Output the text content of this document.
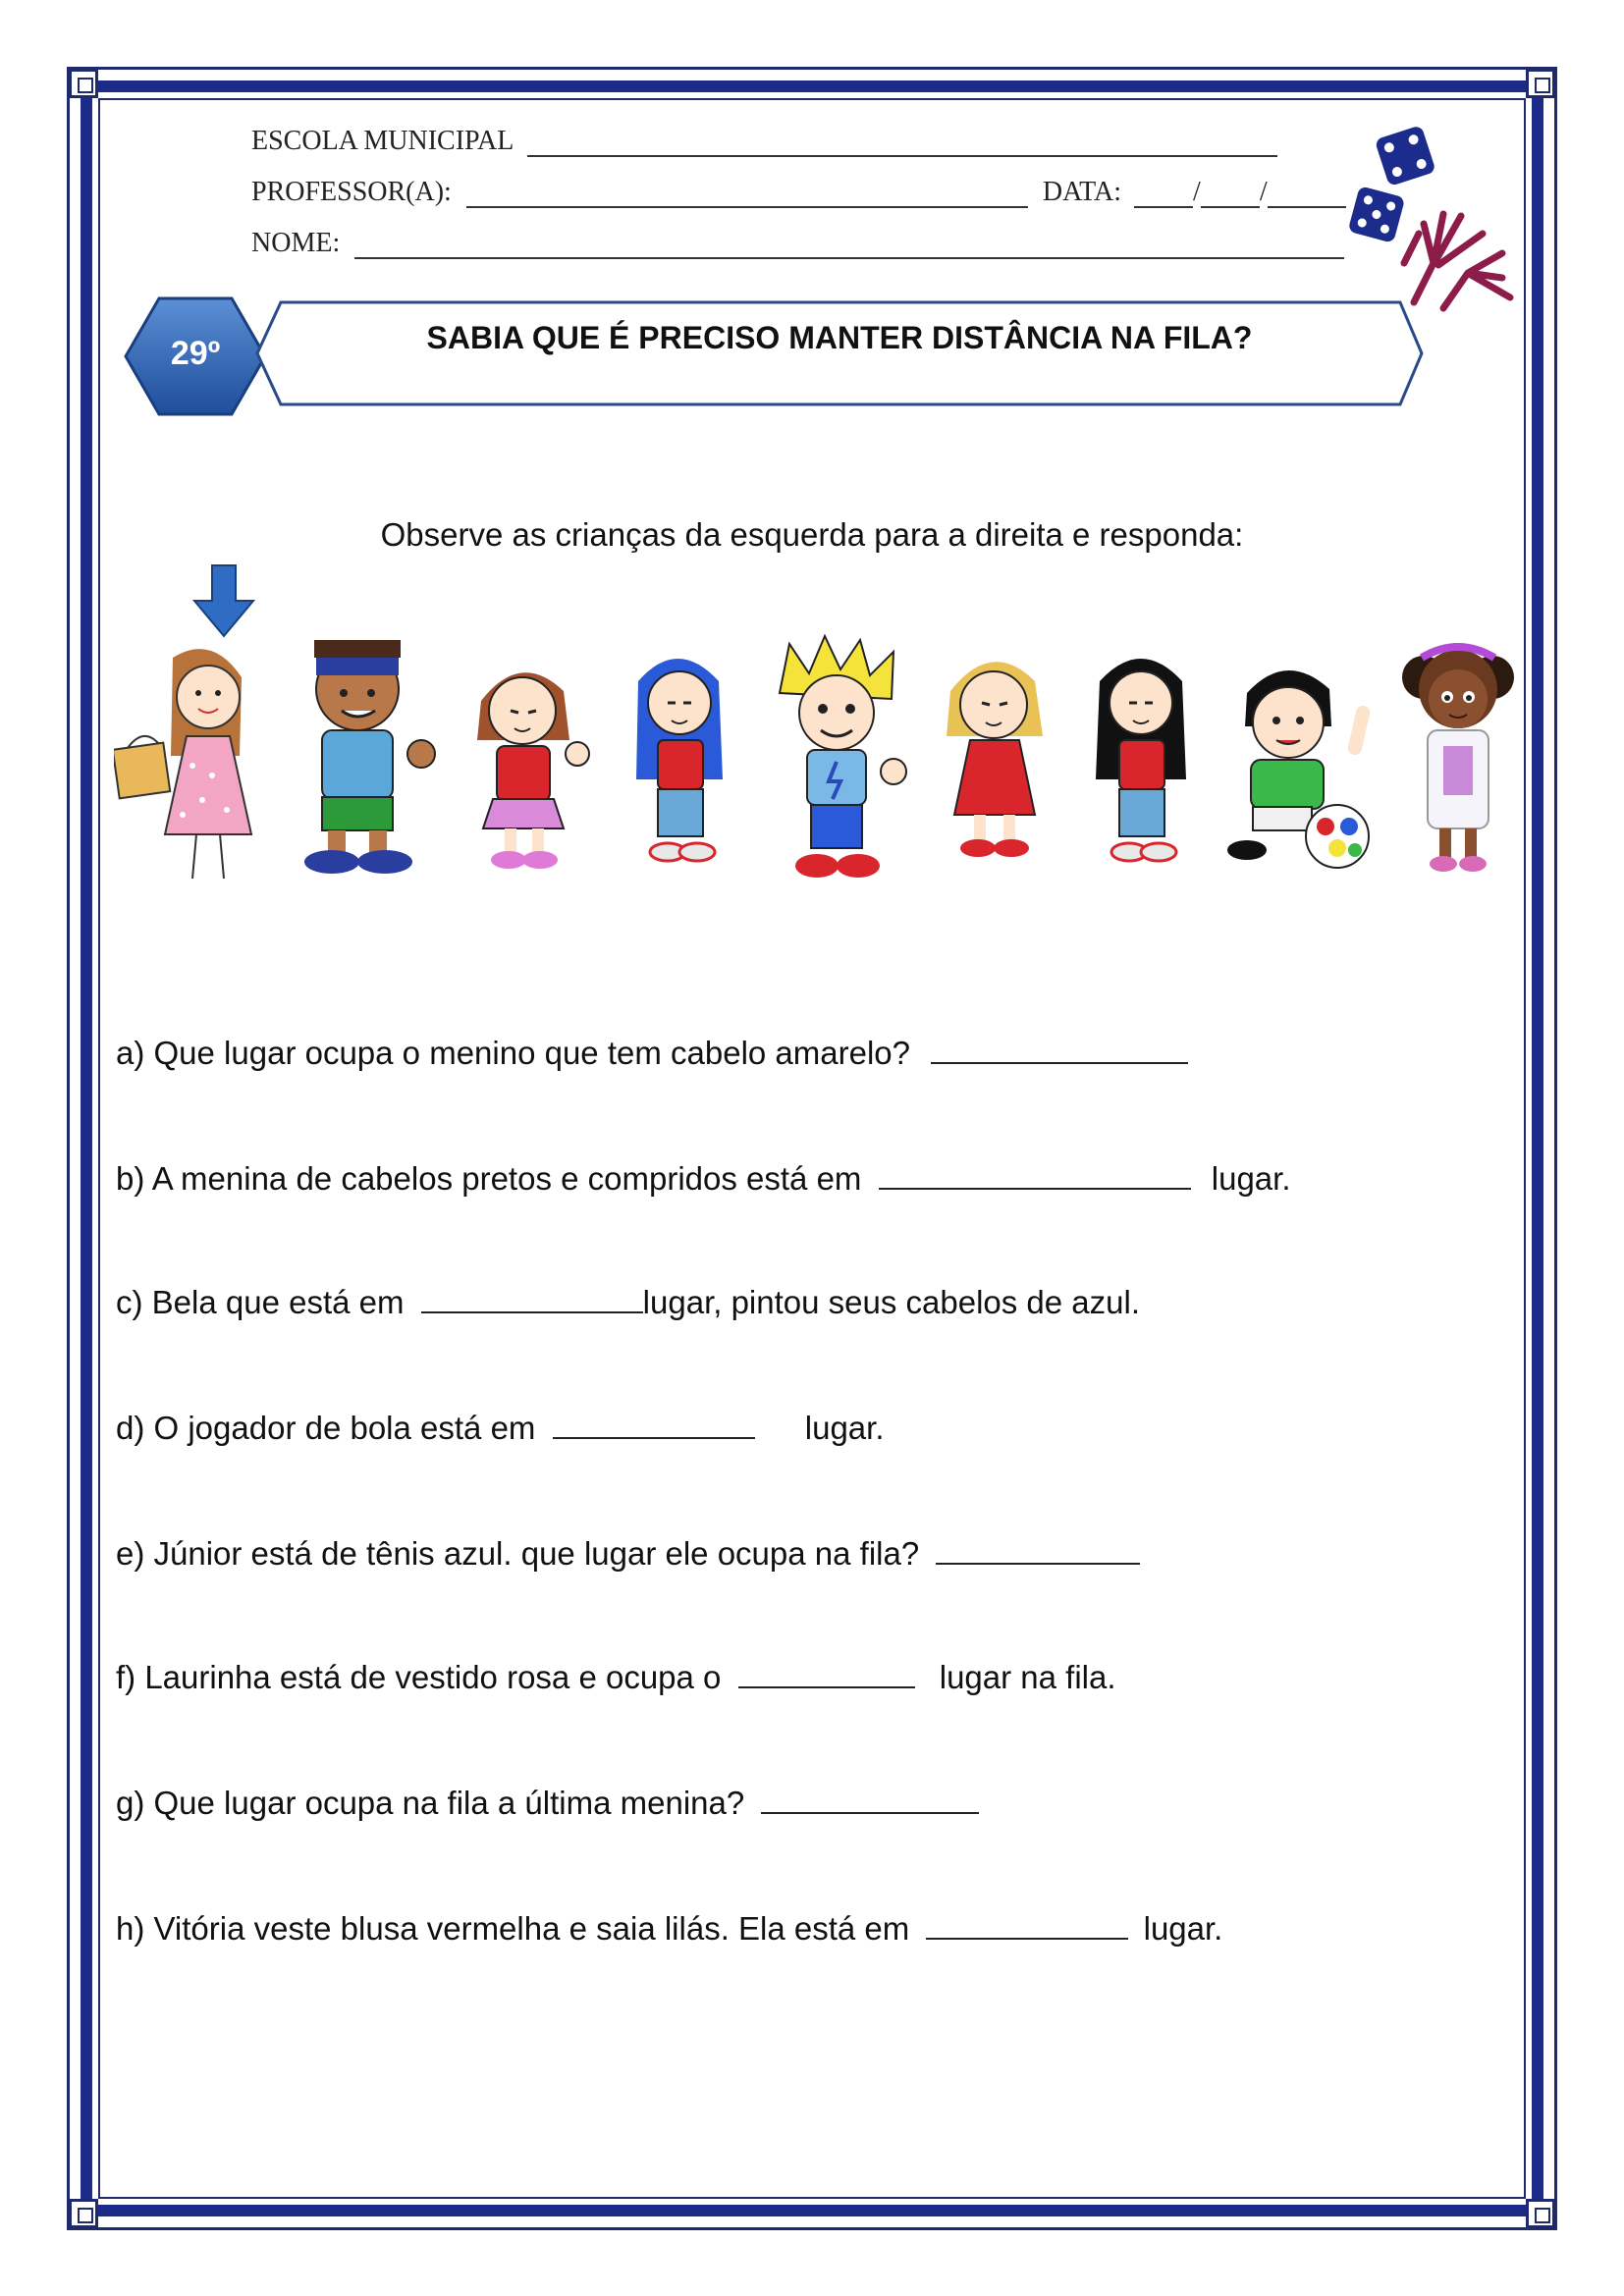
ESCOLA MUNICIPAL
PROFESSOR(A):	DATA:	/ /
NOME:
29º	SABIA QUE É PRECISO MANTER DISTÂNCIA NA FILA?
Observe as crianças da esquerda para a direita e responda:
a) Que lugar ocupa o menino que tem cabelo amarelo?
b) A menina de cabelos pretos e compridos está em	lugar.
c) Bela que está em	lugar, pintou seus cabelos de azul.
d) O jogador de bola está em	lugar.
e) Júnior está de tênis azul. que lugar ele ocupa na fila?
f) Laurinha está de vestido rosa e ocupa o	lugar na fila.
g) Que lugar ocupa na fila a última menina?
h) Vitória veste blusa vermelha e saia lilás. Ela está em	lugar.
